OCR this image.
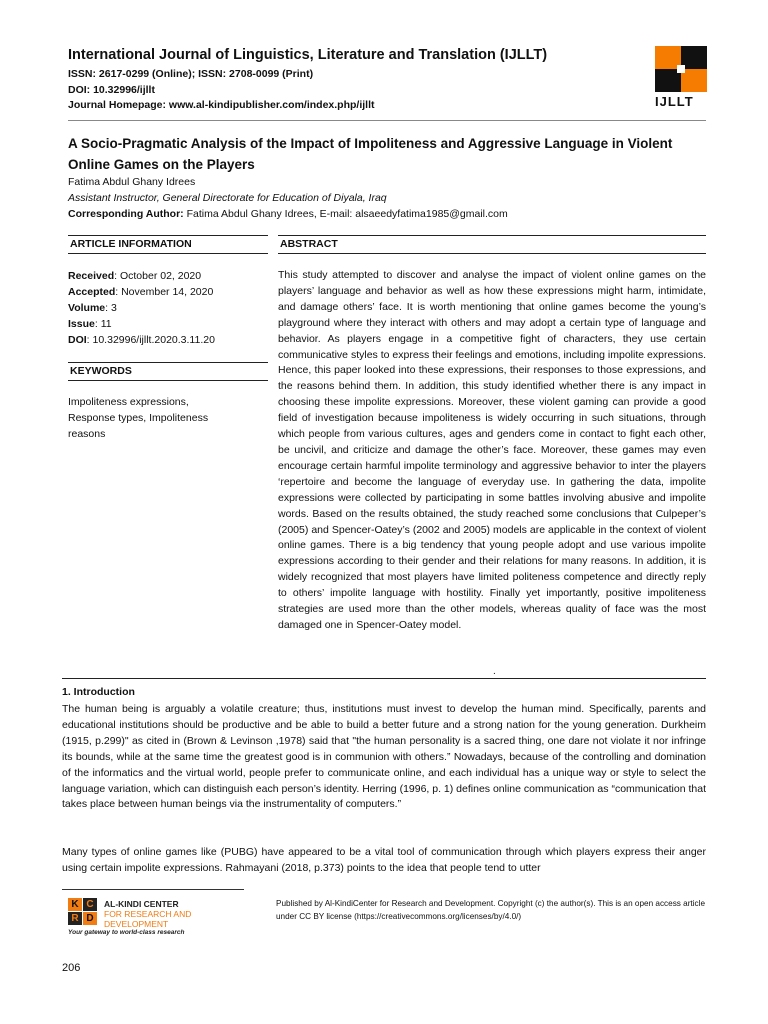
International Journal of Linguistics, Literature and Translation (IJLLT)
ISSN: 2617-0299 (Online); ISSN: 2708-0099 (Print)
DOI: 10.32996/ijllt
Journal Homepage: www.al-kindipublisher.com/index.php/ijllt	IJLLT
A Socio-Pragmatic Analysis of the Impact of Impoliteness and Aggressive Language in Violent Online Games on the Players
Fatima Abdul Ghany Idrees
Assistant Instructor, General Directorate for Education of Diyala, Iraq
Corresponding Author: Fatima Abdul Ghany Idrees, E-mail: alsaeedyfatima1985@gmail.com
ARTICLE INFORMATION	ABSTRACT
Received: October 02, 2020
Accepted: November 14, 2020
Volume: 3
Issue: 11
DOI: 10.32996/ijllt.2020.3.11.20
KEYWORDS
Impoliteness expressions, Response types, Impoliteness reasons
This study attempted to discover and analyse the impact of violent online games on the players’ language and behavior as well as how these expressions might harm, intimidate, and damage others’ face. It is worth mentioning that online games become the young’s playground where they interact with others and may adopt a certain type of language and behavior. As players engage in a competitive fight of characters, they use certain communicative styles to express their feelings and emotions, including impolite expressions. Hence, this paper looked into these expressions, their responses to those expressions, and the reasons behind them. In addition, this study identified whether there is any impact in choosing these impolite expressions. Moreover, these violent gaming can provide a good field of investigation because impoliteness is widely occurring in such situations, through which people from various cultures, ages and genders come in contact to fight each other, be uncivil, and criticize and damage the other’s face. Moreover, these games may even encourage certain harmful impolite terminology and aggressive behavior to inter the players ‘repertoire and become the language of everyday use. In gathering the data, impolite expressions were collected by participating in some battles involving abusive and impolite words. Based on the results obtained, the study reached some conclusions that Culpeper’s (2005) and Spencer-Oatey’s (2002 and 2005) models are applicable in the context of violent online games. There is a big tendency that young people adopt and use various impolite expressions according to their gender and their relations for many reasons. In addition, it is widely recognized that most players have limited politeness competence and directly reply to others’ impolite language with hostility. Finally yet importantly, positive impoliteness strategies are used more than the other models, whereas quality of face was the most damaged one in Spencer-Oatey model.
.
1. Introduction
The human being is arguably a volatile creature; thus, institutions must invest to develop the human mind. Specifically, parents and educational institutions should be productive and be able to build a better future and a strong nation for the young generation. Durkheim (1915, p.299)" as cited in (Brown & Levinson ,1978) said that "the human personality is a sacred thing, one dare not violate it nor infringe its bounds, while at the same time the greatest good is in communion with others.” Nowadays, because of the controlling and domination of the informatics and the virtual world, people prefer to communicate online, and each individual has a unique way or style to select the language variation, which can distinguish each person’s identity. Herring (1996, p. 1) defines online communication as “communication that takes place between human beings via the instrumentality of computers.”
Many types of online games like (PUBG) have appeared to be a vital tool of communication through which players express their anger using certain impolite expressions. Rahmayani (2018, p.373) points to the idea that people tend to utter
K C
R D
AL-KINDI CENTER
FOR RESEARCH AND DEVELOPMENT
Your gateway to world-class research
Published by Al-KindiCenter for Research and Development. Copyright (c) the author(s). This is an open access article under CC BY license (https://creativecommons.org/licenses/by/4.0/)
206
